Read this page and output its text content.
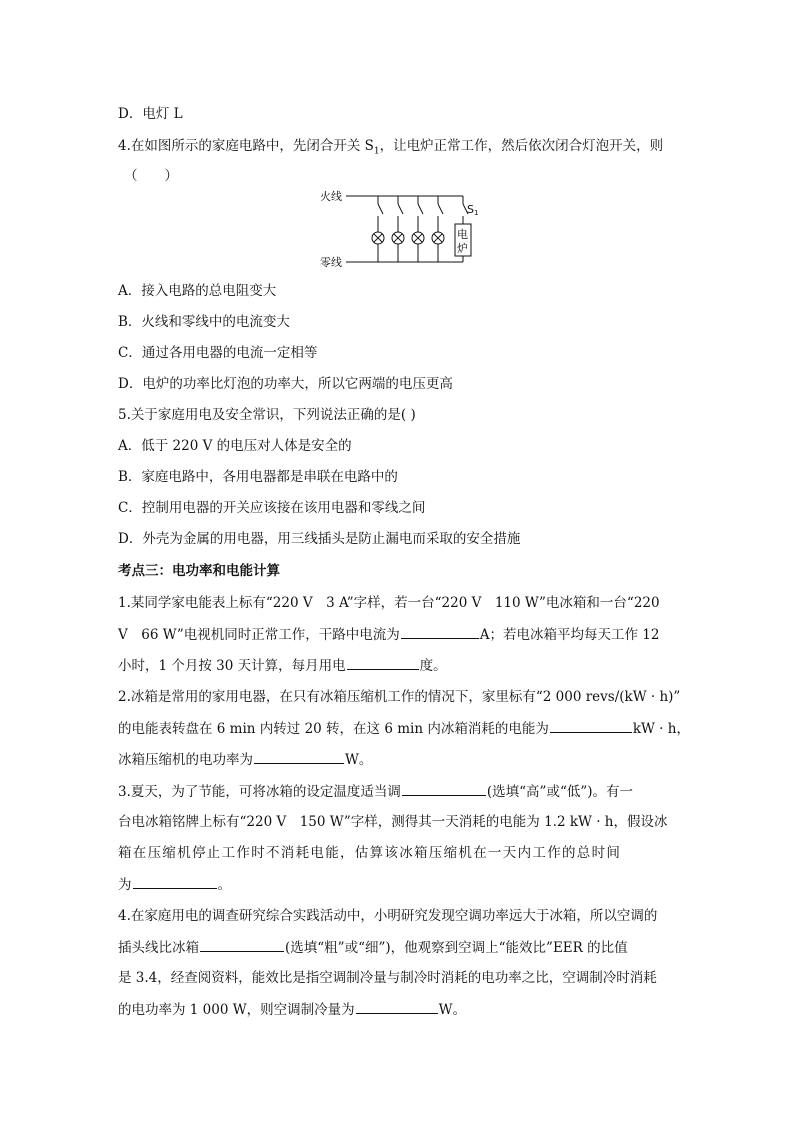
D．电灯 L
4.在如图所示的家庭电路中，先闭合开关 $S_1$，让电炉正常工作，然后依次闭合灯泡开关，则
（　　）
火线
零线
S1
电
炉
A．接入电路的总电阻变大
B．火线和零线中的电流变大
C．通过各用电器的电流一定相等
D．电炉的功率比灯泡的功率大，所以它两端的电压更高
5.关于家庭用电及安全常识，下列说法正确的是( )
A．低于 220 V 的电压对人体是安全的
B．家庭电路中，各用电器都是串联在电路中的
C．控制用电器的开关应该接在该用电器和零线之间
D．外壳为金属的用电器，用三线插头是防止漏电而采取的安全措施
考点三：电功率和电能计算
1.某同学家电能表上标有“220 V　3 A”字样，若一台“220 V　110 W”电冰箱和一台“220
V　66 W”电视机同时正常工作，干路中电流为	A；若电冰箱平均每天工作 12
小时，1 个月按 30 天计算，每月用电	度。
2.冰箱是常用的家用电器，在只有冰箱压缩机工作的情况下，家里标有“2 000 revs/(kW · h)”
的电能表转盘在 6 min 内转过 20 转，在这 6 min 内冰箱消耗的电能为	kW · h，
冰箱压缩机的电功率为	W。
3.夏天，为了节能，可将冰箱的设定温度适当调	(选填“高”或“低”)。有一
台电冰箱铭牌上标有“220 V　150 W”字样，测得其一天消耗的电能为 1.2 kW · h，假设冰
箱在压缩机停止工作时不消耗电能，估算该冰箱压缩机在一天内工作的总时间
为	。
4.在家庭用电的调查研究综合实践活动中，小明研究发现空调功率远大于冰箱，所以空调的
插头线比冰箱	(选填“粗”或“细”)，他观察到空调上“能效比”EER 的比值
是 3.4，经查阅资料，能效比是指空调制冷量与制冷时消耗的电功率之比，空调制冷时消耗
的电功率为 1 000 W，则空调制冷量为	W。
